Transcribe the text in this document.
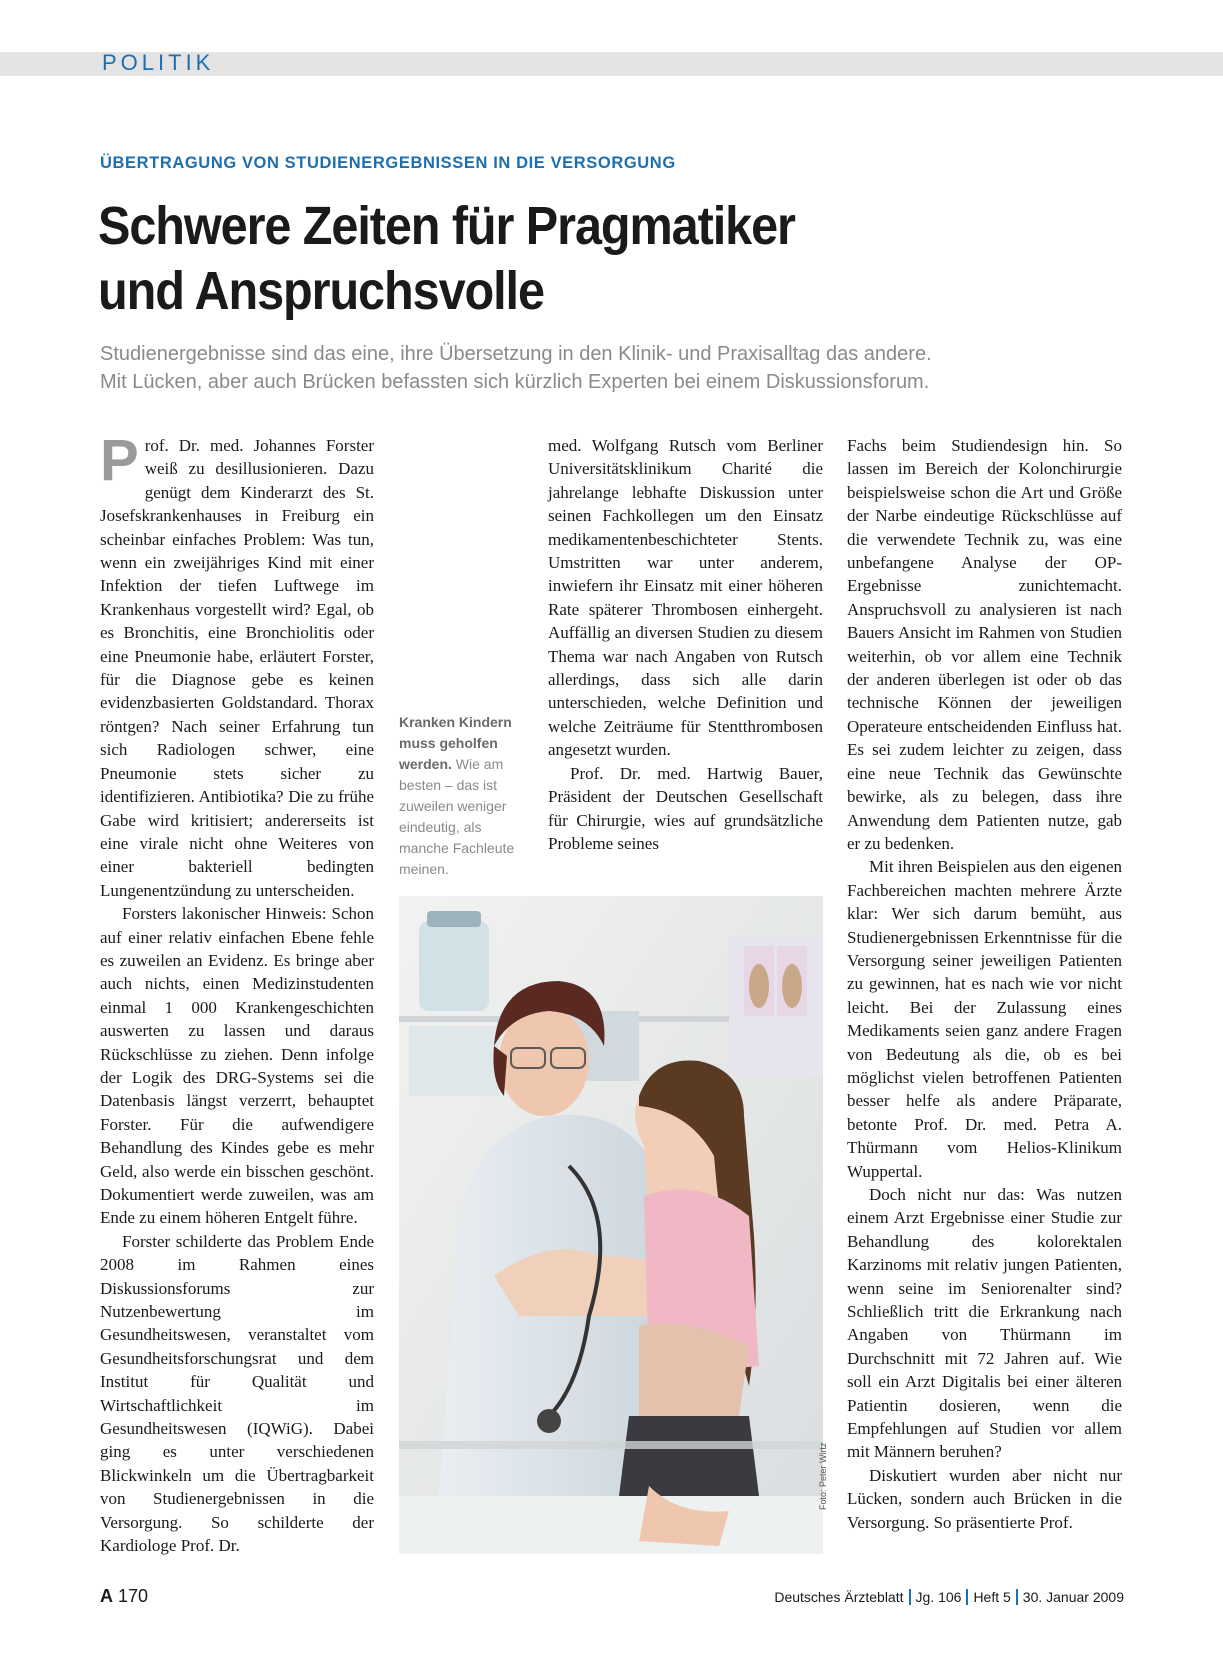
POLITIK
ÜBERTRAGUNG VON STUDIENERGEBNISSEN IN DIE VERSORGUNG
Schwere Zeiten für Pragmatiker
und Anspruchsvolle
Studienergebnisse sind das eine, ihre Übersetzung in den Klinik- und Praxisalltag das andere.
Mit Lücken, aber auch Brücken befassten sich kürzlich Experten bei einem Diskussionsforum.

Prof. Dr. med. Johannes Forster weiß zu desillusionieren. Dazu genügt dem Kinderarzt des St. Josefskrankenhauses in Freiburg ein scheinbar einfaches Problem: Was tun, wenn ein zweijähriges Kind mit einer Infektion der tiefen Luftwege im Krankenhaus vorgestellt wird? Egal, ob es Bronchitis, eine Bronchiolitis oder eine Pneumonie habe, erläutert Forster, für die Diagnose gebe es keinen evidenzbasierten Goldstandard. Thorax röntgen? Nach seiner Erfahrung tun sich Radiologen schwer, eine Pneumonie stets sicher zu identifizieren. Antibiotika? Die zu frühe Gabe wird kritisiert; andererseits ist eine virale nicht ohne Weiteres von einer bakteriell bedingten Lungenentzündung zu unterscheiden.

Forsters lakonischer Hinweis: Schon auf einer relativ einfachen Ebene fehle es zuweilen an Evidenz. Es bringe aber auch nichts, einen Medizinstudenten einmal 1 000 Krankengeschichten auswerten zu lassen und daraus Rückschlüsse zu ziehen. Denn infolge der Logik des DRG-Systems sei die Datenbasis längst verzerrt, behauptet Forster. Für die aufwendigere Behandlung des Kindes gebe es mehr Geld, also werde ein bisschen geschönt. Dokumentiert werde zuweilen, was am Ende zu einem höheren Entgelt führe.

Forster schilderte das Problem Ende 2008 im Rahmen eines Diskussionsforums zur Nutzenbewertung im Gesundheitswesen, veranstaltet vom Gesundheitsforschungsrat und dem Institut für Qualität und Wirtschaftlichkeit im Gesundheitswesen (IQWiG). Dabei ging es unter verschiedenen Blickwinkeln um die Übertragbarkeit von Studienergebnissen in die Versorgung. So schilderte der Kardiologe Prof. Dr.

Kranken Kindern muss geholfen werden. Wie am besten – das ist zuweilen weniger eindeutig, als manche Fachleute meinen.

med. Wolfgang Rutsch vom Berliner Universitätsklinikum Charité die jahrelange lebhafte Diskussion unter seinen Fachkollegen um den Einsatz medikamentenbeschichteter Stents. Umstritten war unter anderem, inwiefern ihr Einsatz mit einer höheren Rate späterer Thrombosen einhergeht. Auffällig an diversen Studien zu diesem Thema war nach Angaben von Rutsch allerdings, dass sich alle darin unterschieden, welche Definition und welche Zeiträume für Stentthrombosen angesetzt wurden.

Prof. Dr. med. Hartwig Bauer, Präsident der Deutschen Gesellschaft für Chirurgie, wies auf grundsätzliche Probleme seines

Foto: Peter Wirtz

Fachs beim Studiendesign hin. So lassen im Bereich der Kolonchirurgie beispielsweise schon die Art und Größe der Narbe eindeutige Rückschlüsse auf die verwendete Technik zu, was eine unbefangene Analyse der OP-Ergebnisse zunichtemacht. Anspruchsvoll zu analysieren ist nach Bauers Ansicht im Rahmen von Studien weiterhin, ob vor allem eine Technik der anderen überlegen ist oder ob das technische Können der jeweiligen Operateure entscheidenden Einfluss hat. Es sei zudem leichter zu zeigen, dass eine neue Technik das Gewünschte bewirke, als zu belegen, dass ihre Anwendung dem Patienten nutze, gab er zu bedenken.

Mit ihren Beispielen aus den eigenen Fachbereichen machten mehrere Ärzte klar: Wer sich darum bemüht, aus Studienergebnissen Erkenntnisse für die Versorgung seiner jeweiligen Patienten zu gewinnen, hat es nach wie vor nicht leicht. Bei der Zulassung eines Medikaments seien ganz andere Fragen von Bedeutung als die, ob es bei möglichst vielen betroffenen Patienten besser helfe als andere Präparate, betonte Prof. Dr. med. Petra A. Thürmann vom Helios-Klinikum Wuppertal.

Doch nicht nur das: Was nutzen einem Arzt Ergebnisse einer Studie zur Behandlung des kolorektalen Karzinoms mit relativ jungen Patienten, wenn seine im Seniorenalter sind? Schließlich tritt die Erkrankung nach Angaben von Thürmann im Durchschnitt mit 72 Jahren auf. Wie soll ein Arzt Digitalis bei einer älteren Patientin dosieren, wenn die Empfehlungen auf Studien vor allem mit Männern beruhen?

Diskutiert wurden aber nicht nur Lücken, sondern auch Brücken in die Versorgung. So präsentierte Prof.

A 170	Deutsches Ärzteblatt Jg. 106 Heft 5 30. Januar 2009
